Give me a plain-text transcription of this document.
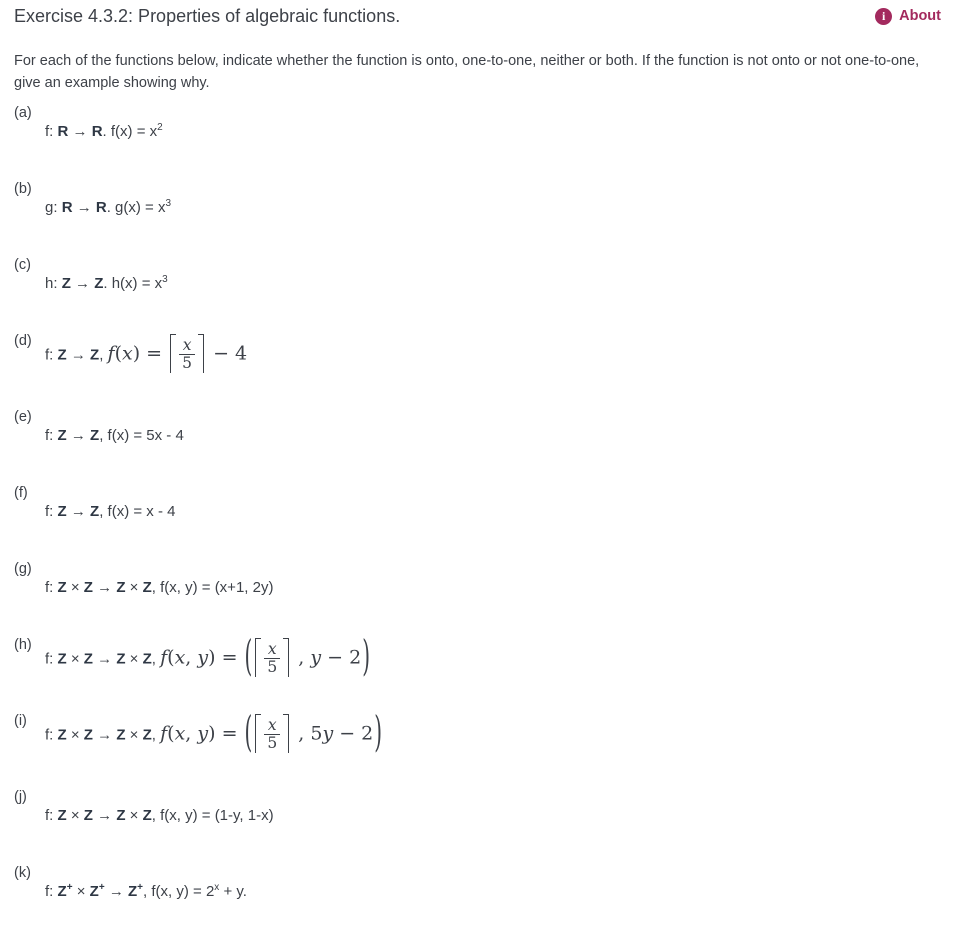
Exercise 4.3.2: Properties of algebraic functions.	i About
For each of the functions below, indicate whether the function is onto, one-to-one, neither or both. If the function is not onto or not one-to-one, give an example showing why.
(a)
f: R → R. $f(x) = x^2$
(b)
g: R → R. $g(x) = x^3$
(c)
h: Z → Z. $h(x) = x^3$
(d)
f: Z → Z, $f(x) = \frac{x}{5} - 4$
(e)
f: Z → Z, f(x) = 5x - 4
(f)
f: Z → Z, f(x) = x - 4
(g)
f: Z × Z → Z × Z, f(x, y) = (x+1, 2y)
(h)
f: Z × Z → Z × Z, f(x, y) = ( $\frac{x}{5}$ , y − 2)
(i)
f: Z × Z → Z × Z, f(x, y) = ( $\frac{x}{5}$ , 5y − 2)
(j)
f: Z × Z → Z × Z, f(x, y) = (1-y, 1-x)
(k)
f: Z+ × Z+ → Z+, f(x, $y) = 2^x + y$.
